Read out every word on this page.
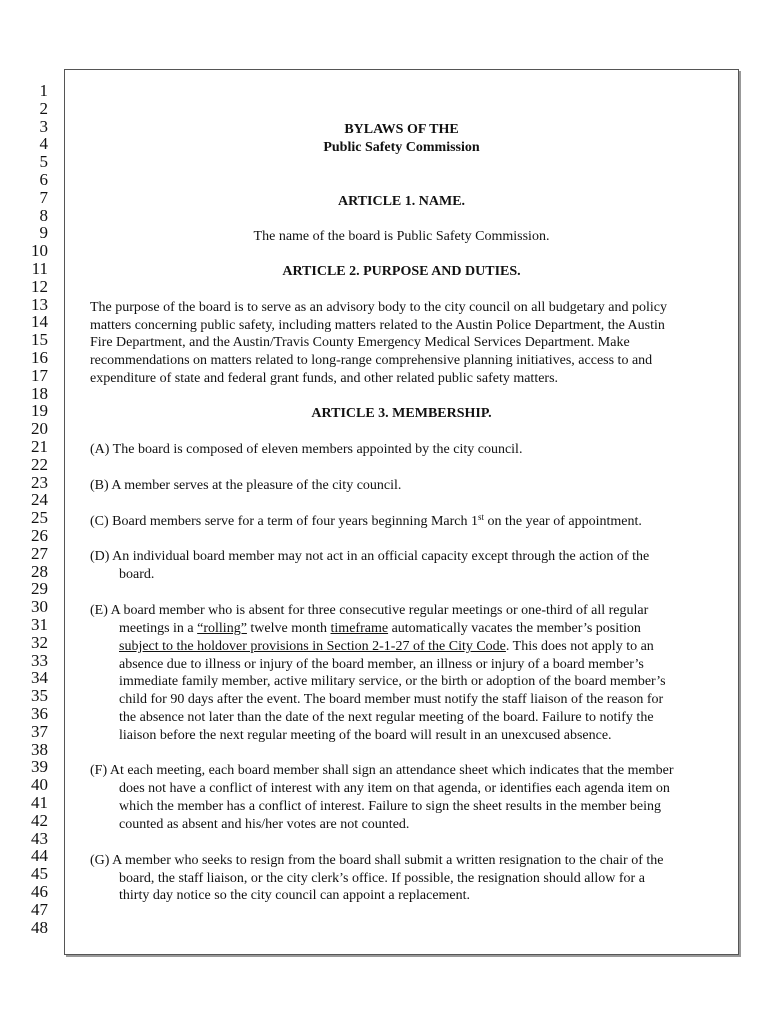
1
2
3
4
5
6
7
8
9
10
11
12
13
14
15
16
17
18
19
20
21
22
23
24
25
26
27
28
29
30
31
32
33
34
35
36
37
38
39
40
41
42
43
44
45
46
47
48
BYLAWS OF THE
Public Safety Commission
ARTICLE 1. NAME.
The name of the board is Public Safety Commission.
ARTICLE 2. PURPOSE AND DUTIES.
The purpose of the board is to serve as an advisory body to the city council on all budgetary and policy
matters concerning public safety, including matters related to the Austin Police Department, the Austin
Fire Department, and the Austin/Travis County Emergency Medical Services Department. Make
recommendations on matters related to long-range comprehensive planning initiatives, access to and
expenditure of state and federal grant funds, and other related public safety matters.
ARTICLE 3. MEMBERSHIP.
(A) The board is composed of eleven members appointed by the city council.
(B) A member serves at the pleasure of the city council.
(C) Board members serve for a term of four years beginning March 1st on the year of appointment.
(D) An individual board member may not act in an official capacity except through the action of the
board.
(E) A board member who is absent for three consecutive regular meetings or one-third of all regular
meetings in a “rolling” twelve month timeframe automatically vacates the member’s position
subject to the holdover provisions in Section 2-1-27 of the City Code. This does not apply to an
absence due to illness or injury of the board member, an illness or injury of a board member’s
immediate family member, active military service, or the birth or adoption of the board member’s
child for 90 days after the event. The board member must notify the staff liaison of the reason for
the absence not later than the date of the next regular meeting of the board. Failure to notify the
liaison before the next regular meeting of the board will result in an unexcused absence.
(F) At each meeting, each board member shall sign an attendance sheet which indicates that the member
does not have a conflict of interest with any item on that agenda, or identifies each agenda item on
which the member has a conflict of interest. Failure to sign the sheet results in the member being
counted as absent and his/her votes are not counted.
(G) A member who seeks to resign from the board shall submit a written resignation to the chair of the
board, the staff liaison, or the city clerk’s office. If possible, the resignation should allow for a
thirty day notice so the city council can appoint a replacement.
